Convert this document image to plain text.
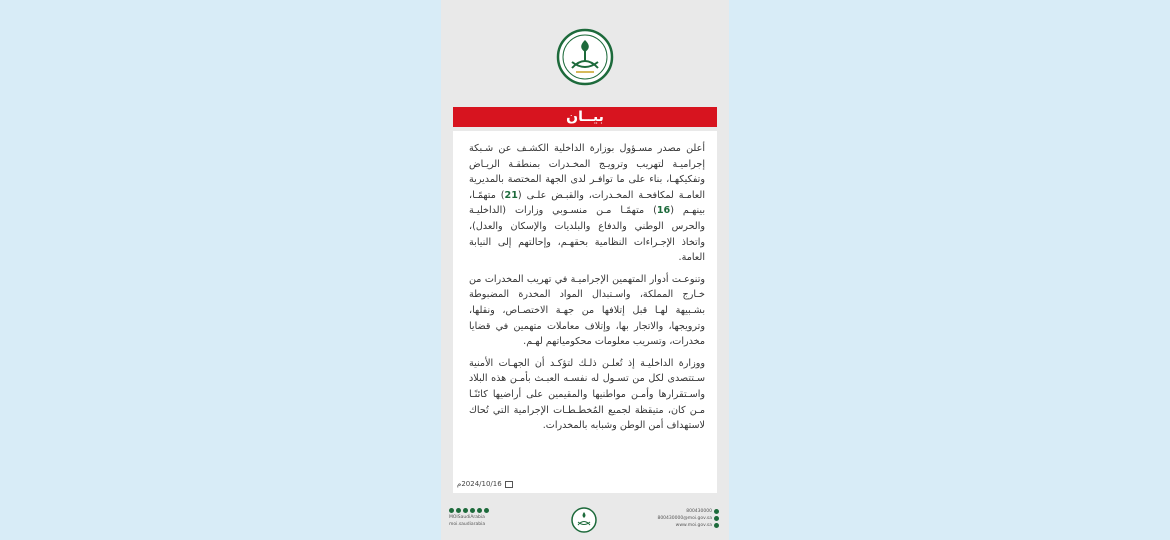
بيــان

أعلن مصدر مسـؤول بوزارة الداخلية الكشـف عن شـبكة إجراميـة لتهريب وترويـج المخـدرات بمنطقـة الريـاض وتفكيكهـا، بناء على ما توافـر لدى الجهة المختصة بالمديرية العامـة لمكافحـة المخـدرات، والقبـض علـى (21) متهمًـا، بينهـم (16) متهمًـا مـن منسـوبي وزارات (الداخليـة والحرس الوطني والدفاع والبلديات والإسكان والعدل)، واتخاذ الإجـراءات النظامية بحقهـم، وإحالتهم إلى النيابة العامة.

وتنوعـت أدوار المتهمين الإجراميـة في تهريب المخدرات من خـارج المملكة، واسـتبدال المواد المخدرة المضبوطة بشـبيهة لهـا قبل إتلافها من جهـة الاختصـاص، ونقلها، وترويجها، والاتجار بها، وإتلاف معاملات متهمين في قضايا مخدرات، وتسريب معلومات محكومياتهم لهـم.

ووزارة الداخليـة إذ تُعلـن ذلـك لتؤكـد أن الجهـات الأمنية سـتتصدى لكل من تسـول له نفسـه العبـث بأمـن هذه البلاد واسـتقرارها وأمـن مواطنيها والمقيمين على أراضيها كائنًـا مـن كان، متيقظة لجميع المُخطـطـات الإجرامية التي تُحاك لاستهداف أمن الوطن وشبابه بالمخدرات.

2024/10/16م
MOISaudiArabia
moi.saudiarabia
800430000
800430000@moi.gov.sa
www.moi.gov.sa
